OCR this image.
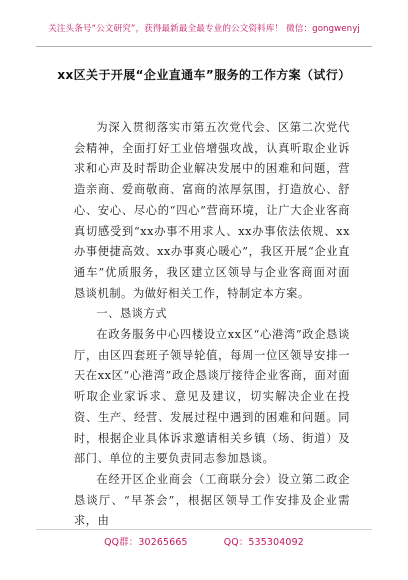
关注头条号“公文研究”，获得最新最全最专业的公文资料库！ 微信：gongwenyj
xx区关于开展“企业直通车”服务的工作方案（试行）

为深入贯彻落实市第五次党代会、区第二次党代会精神，全面打好工业倍增强攻战，认真听取企业诉求和心声及时帮助企业解决发展中的困难和问题，营造亲商、爱商敬商、富商的浓厚氛围，打造放心、舒心、安心、尽心的“四心”营商环境，让广大企业客商真切感受到“xx办事不用求人、xx办事依法依规、xx办事便捷高效、xx办事爽心暖心”，我区开展“企业直通车”优质服务，我区建立区领导与企业客商面对面恳谈机制。为做好相关工作，特制定本方案。

一、恳谈方式

在政务服务中心四楼设立xx区“心港湾”政企恳谈厅，由区四套班子领导轮值，每周一位区领导安排一天在xx区“心港湾”政企恳谈厅接待企业客商，面对面听取企业家诉求、意见及建议，切实解决企业在投资、生产、经营、发展过程中遇到的困难和问题。同时，根据企业具体诉求邀请相关乡镇（场、街道）及部门、单位的主要负责同志参加恳谈。

在经开区企业商会（工商联分会）设立第二政企恳谈厅、“早茶会”，根据区领导工作安排及企业需求，由

QQ群：30265665	QQ：535304092
